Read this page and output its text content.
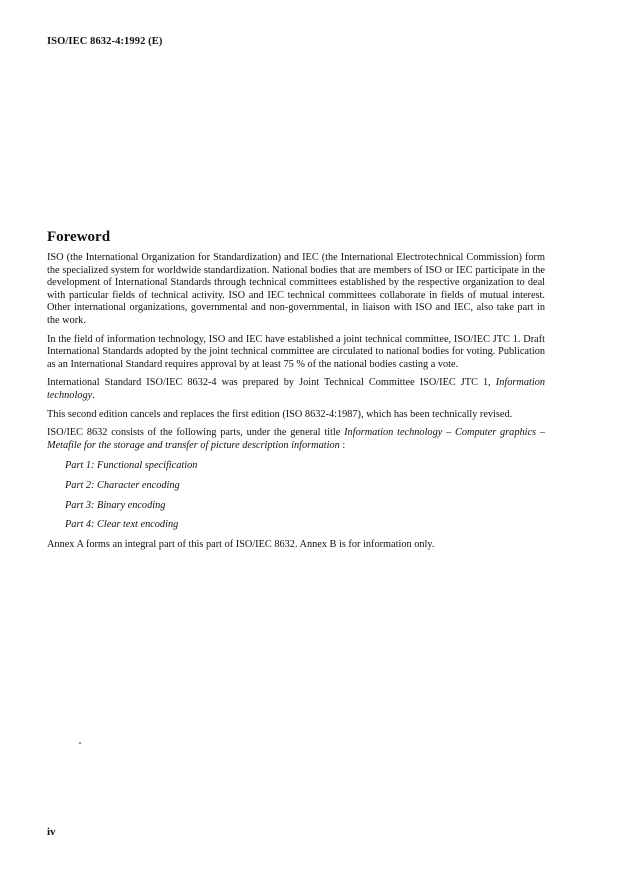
ISO/IEC 8632-4:1992 (E)
Foreword

ISO (the International Organization for Standardization) and IEC (the International Electrotechnical Commission) form the specialized system for worldwide standardization. National bodies that are members of ISO or IEC participate in the development of International Standards through technical committees established by the respective organization to deal with particular fields of technical activity. ISO and IEC technical committees collaborate in fields of mutual interest. Other international organizations, governmental and non-governmental, in liaison with ISO and IEC, also take part in the work.

In the field of information technology, ISO and IEC have established a joint technical committee, ISO/IEC JTC 1. Draft International Standards adopted by the joint technical committee are circulated to national bodies for voting. Publication as an International Standard requires approval by at least 75 % of the national bodies casting a vote.

International Standard ISO/IEC 8632-4 was prepared by Joint Technical Committee ISO/IEC JTC 1, Information technology.

This second edition cancels and replaces the first edition (ISO 8632-4:1987), which has been technically revised.

ISO/IEC 8632 consists of the following parts, under the general title Information technology – Computer graphics – Metafile for the storage and transfer of picture description information :

Part 1: Functional specification

Part 2: Character encoding

Part 3: Binary encoding

Part 4: Clear text encoding

Annex A forms an integral part of this part of ISO/IEC 8632. Annex B is for information only.

iv
